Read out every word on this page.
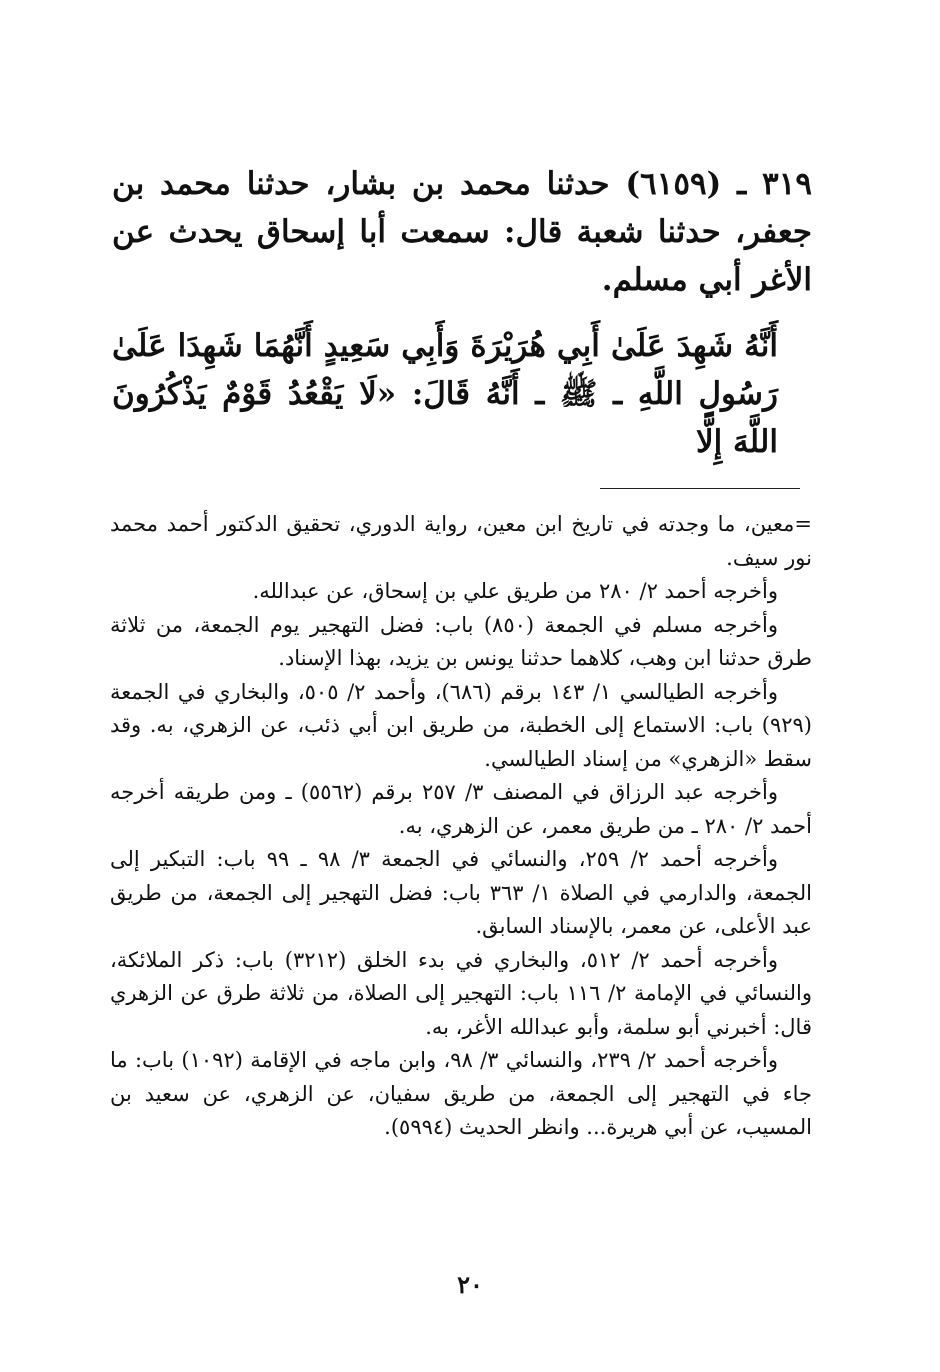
٣١٩ ـ (٦١٥٩) حدثنا محمد بن بشار، حدثنا محمد بن جعفر، حدثنا شعبة قال: سمعت أبا إسحاق يحدث عن الأغر أبي مسلم.

أَنَّهُ شَهِدَ عَلَىٰ أَبِي هُرَيْرَةَ وَأَبِي سَعِيدٍ أَنَّهُمَا شَهِدَا عَلَىٰ رَسُولِ اللَّهِ ـ ﷺ ـ أَنَّهُ قَالَ: «لَا يَقْعُدُ قَوْمٌ يَذْكُرُونَ اللَّهَ إِلَّا

=معين، ما وجدته في تاريخ ابن معين، رواية الدوري، تحقيق الدكتور أحمد محمد نور سيف.

وأخرجه أحمد ٢/ ٢٨٠ من طريق علي بن إسحاق، عن عبدالله.

وأخرجه مسلم في الجمعة (٨٥٠) باب: فضل التهجير يوم الجمعة، من ثلاثة طرق حدثنا ابن وهب، كلاهما حدثنا يونس بن يزيد، بهذا الإسناد.

وأخرجه الطيالسي ١/ ١٤٣ برقم (٦٨٦)، وأحمد ٢/ ٥٠٥، والبخاري في الجمعة (٩٢٩) باب: الاستماع إلى الخطبة، من طريق ابن أبي ذئب، عن الزهري، به. وقد سقط «الزهري» من إسناد الطيالسي.

وأخرجه عبد الرزاق في المصنف ٣/ ٢٥٧ برقم (٥٥٦٢) ـ ومن طريقه أخرجه أحمد ٢/ ٢٨٠ ـ من طريق معمر، عن الزهري، به.

وأخرجه أحمد ٢/ ٢٥٩، والنسائي في الجمعة ٣/ ٩٨ ـ ٩٩ باب: التبكير إلى الجمعة، والدارمي في الصلاة ١/ ٣٦٣ باب: فضل التهجير إلى الجمعة، من طريق عبد الأعلى، عن معمر، بالإسناد السابق.

وأخرجه أحمد ٢/ ٥١٢، والبخاري في بدء الخلق (٣٢١٢) باب: ذكر الملائكة، والنسائي في الإمامة ٢/ ١١٦ باب: التهجير إلى الصلاة، من ثلاثة طرق عن الزهري قال: أخبرني أبو سلمة، وأبو عبدالله الأغر، به.

وأخرجه أحمد ٢/ ٢٣٩، والنسائي ٣/ ٩٨، وابن ماجه في الإقامة (١٠٩٢) باب: ما جاء في التهجير إلى الجمعة، من طريق سفيان، عن الزهري، عن سعيد بن المسيب، عن أبي هريرة... وانظر الحديث (٥٩٩٤).

٢٠
